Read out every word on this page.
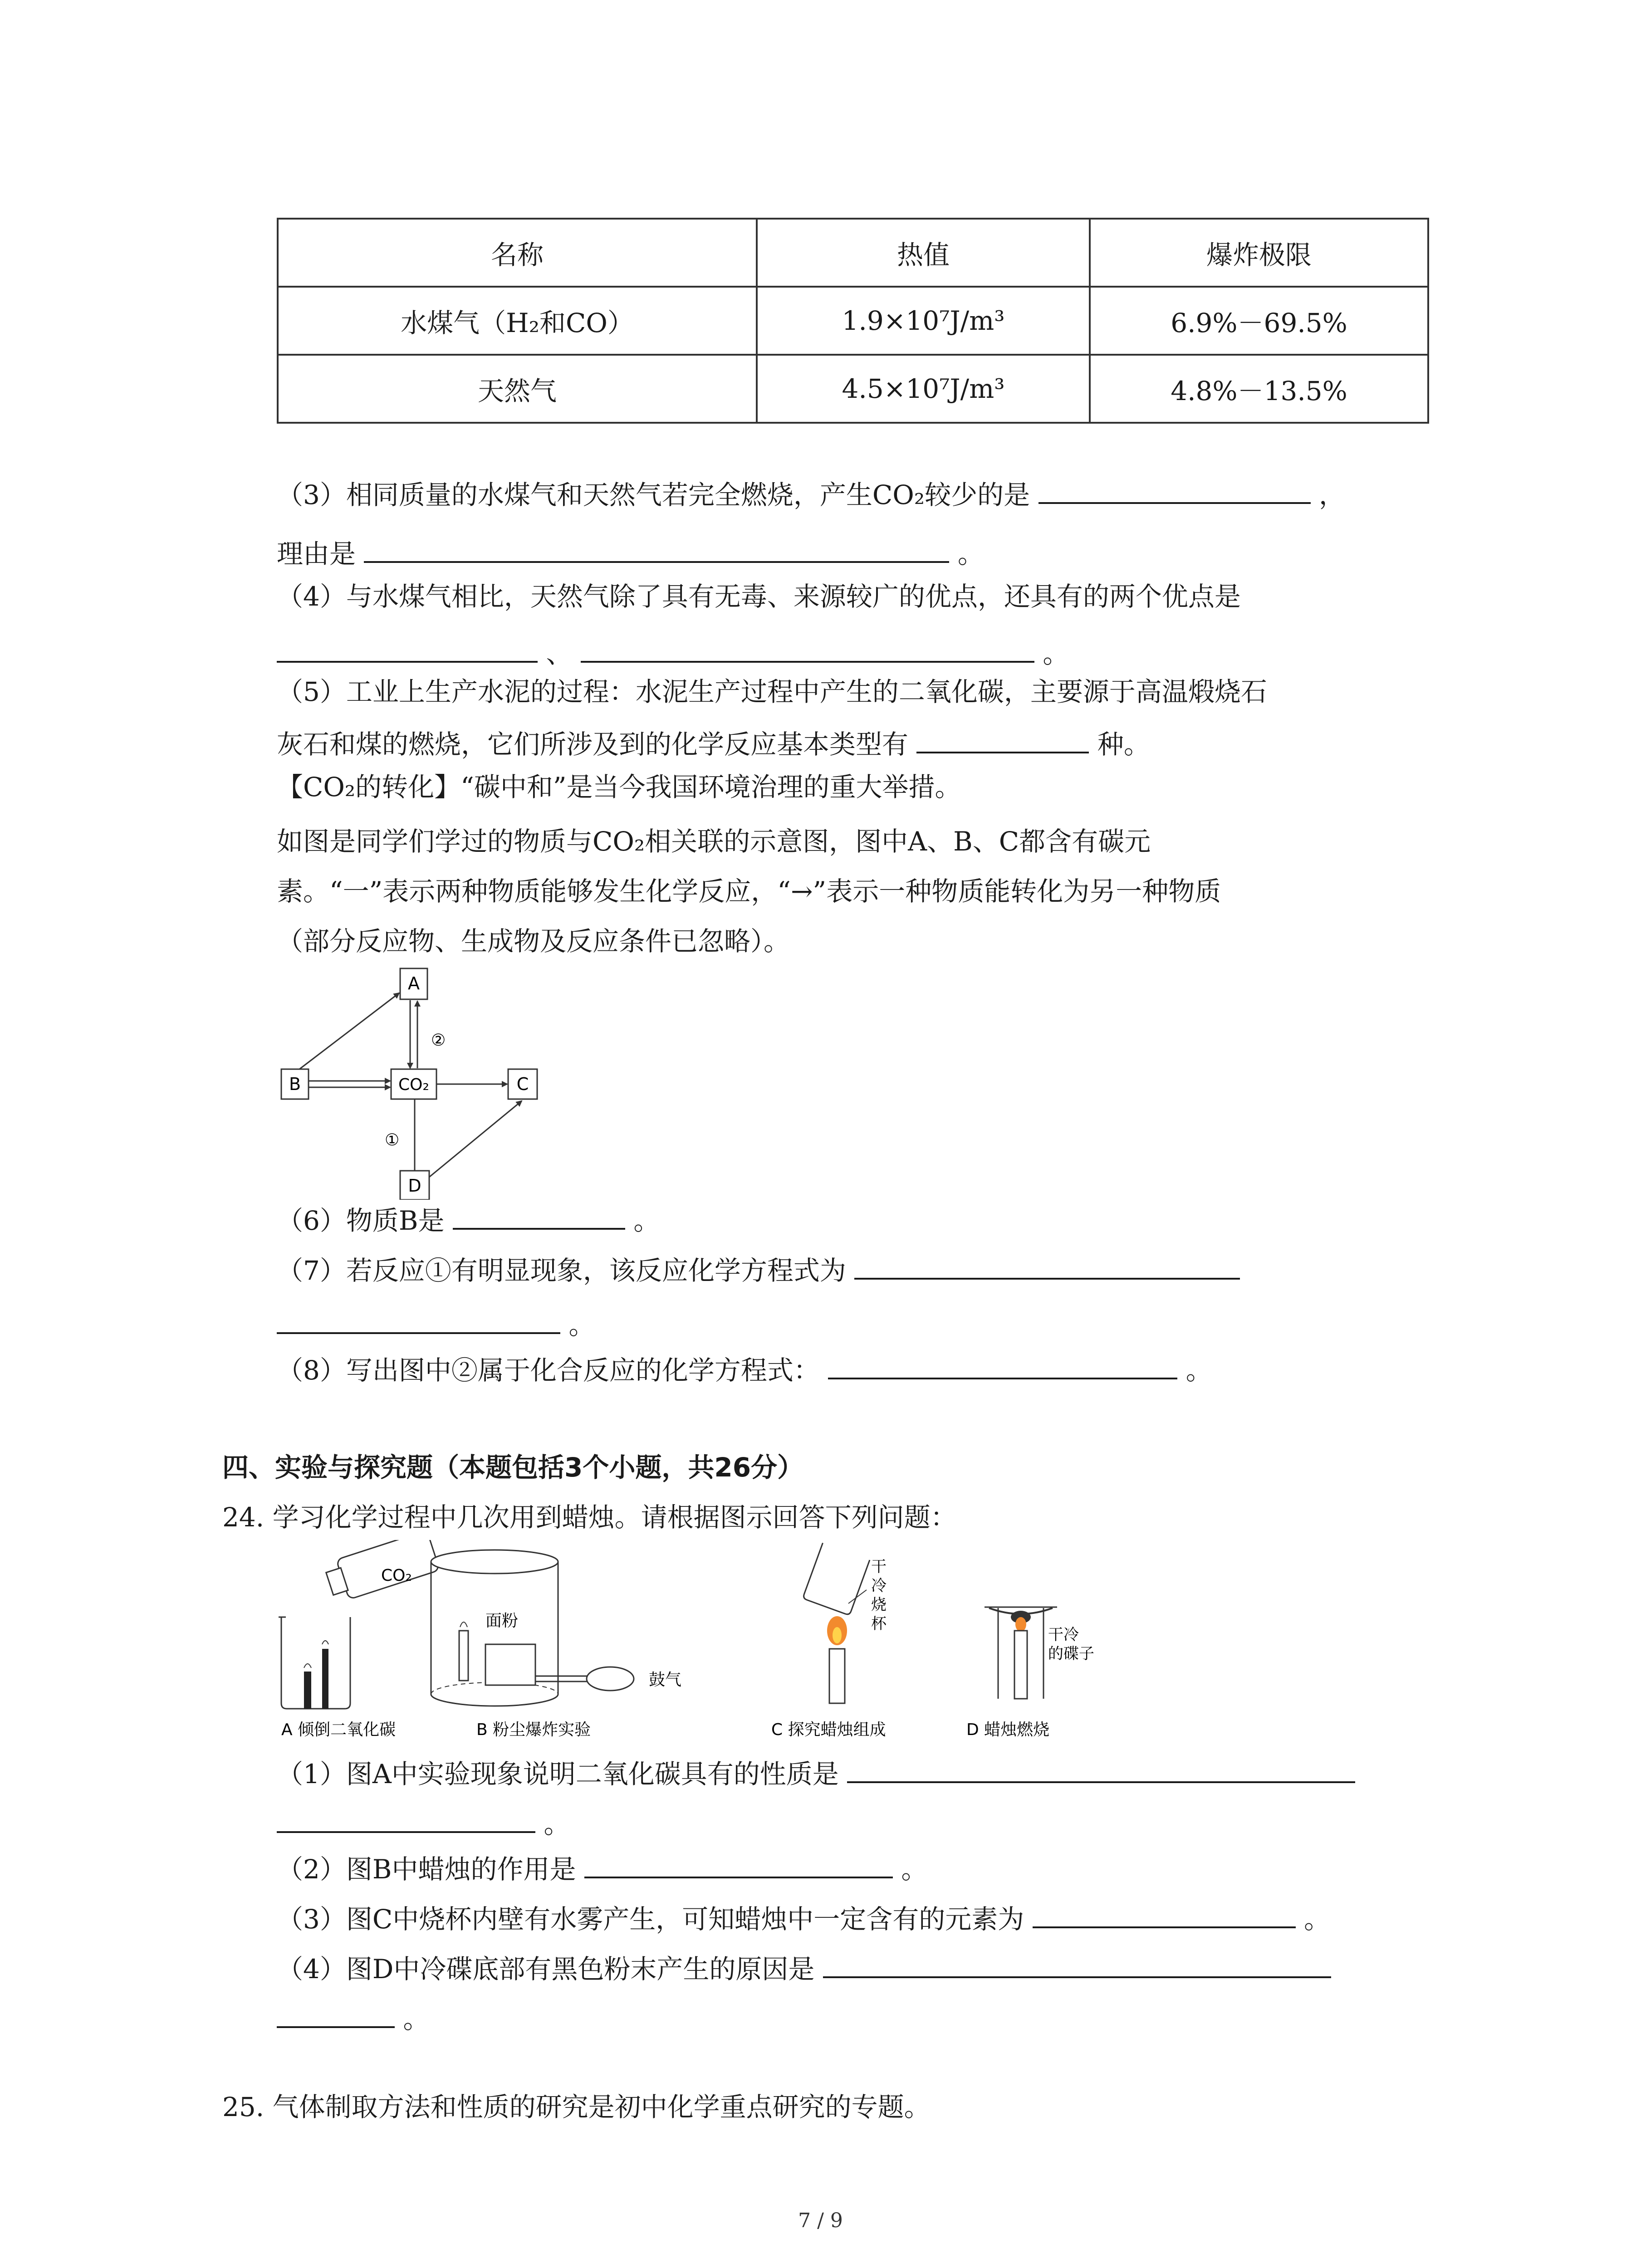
名称	热值	爆炸极限
水煤气（H₂和CO）	1.9×10⁷J/m³	6.9%－69.5%
天然气	4.5×10⁷J/m³	4.8%－13.5%
（3）相同质量的水煤气和天然气若完全燃烧，产生CO₂较少的是	，
理由是	。
（4）与水煤气相比，天然气除了具有无毒、来源较广的优点，还具有的两个优点是
、	。
（5）工业上生产水泥的过程：水泥生产过程中产生的二氧化碳，主要源于高温煅烧石
灰石和煤的燃烧，它们所涉及到的化学反应基本类型有	种。
【CO₂的转化】“碳中和”是当今我国环境治理的重大举措。
如图是同学们学过的物质与CO₂相关联的示意图，图中A、B、C都含有碳元
素。“一”表示两种物质能够发生化学反应，“→”表示一种物质能转化为另一种物质
（部分反应物、生成物及反应条件已忽略）。
A
B	CO₂	C
D
②
①
（6）物质B是	。
（7）若反应①有明显现象，该反应化学方程式为
。
（8）写出图中②属于化合反应的化学方程式：	。
四、实验与探究题（本题包括3个小题，共26分）
24. 学习化学过程中几次用到蜡烛。请根据图示回答下列问题：
CO₂
面粉
鼓气
干
冷
烧
杯
干冷
的碟子
A 倾倒二氧化碳	B 粉尘爆炸实验	C 探究蜡烛组成	D 蜡烛燃烧
（1）图A中实验现象说明二氧化碳具有的性质是
。
（2）图B中蜡烛的作用是	。
（3）图C中烧杯内壁有水雾产生，可知蜡烛中一定含有的元素为	。
（4）图D中冷碟底部有黑色粉末产生的原因是
。
25. 气体制取方法和性质的研究是初中化学重点研究的专题。
7 / 9
